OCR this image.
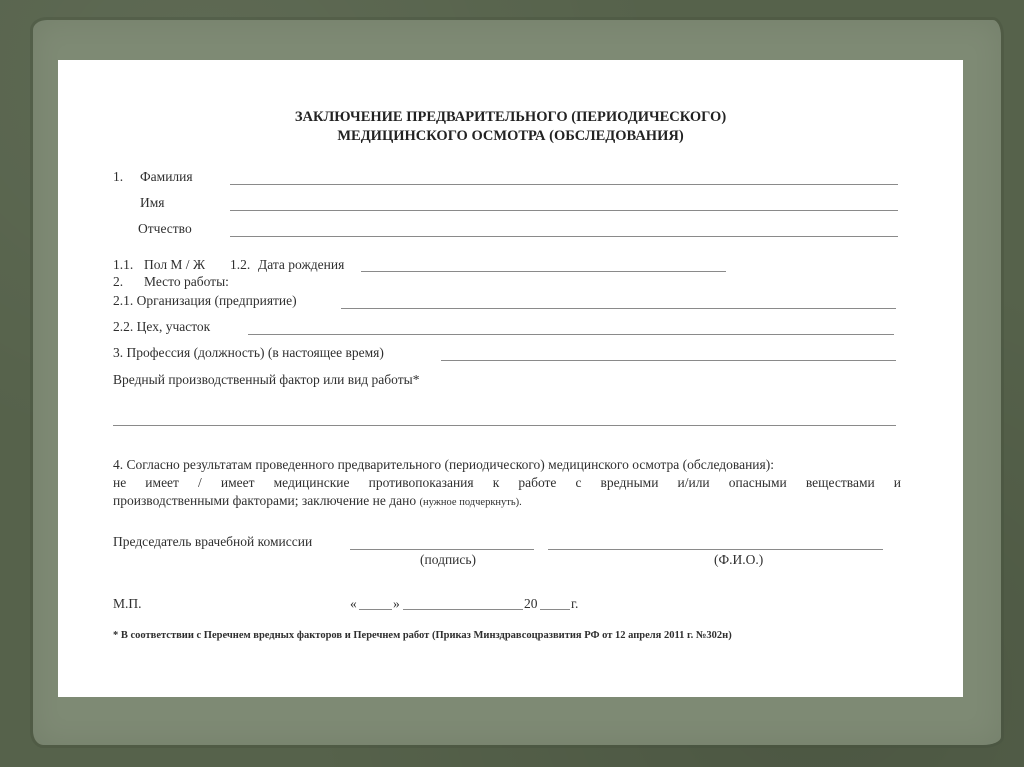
ЗАКЛЮЧЕНИЕ ПРЕДВАРИТЕЛЬНОГО (ПЕРИОДИЧЕСКОГО)
МЕДИЦИНСКОГО ОСМОТРА (ОБСЛЕДОВАНИЯ)
1. Фамилия
Имя
Отчество
1.1. Пол М / Ж 1.2. Дата рождения
2. Место работы:
2.1. Организация (предприятие)
2.2. Цех, участок
3. Профессия (должность) (в настоящее время)
Вредный производственный фактор или вид работы*
4. Согласно результатам проведенного предварительного (периодического) медицинского осмотра (обследования):
не имеет / имеет медицинские противопоказания к работе с вредными и/или опасными веществами и
производственными факторами; заключение не дано (нужное подчеркнуть).
Председатель врачебной комиссии
(подпись)	(Ф.И.О.)
М.П.	«	»	20 г.
* В соответствии с Перечнем вредных факторов и Перечнем работ (Приказ Минздравсоцразвития РФ от 12 апреля 2011 г. №302н)
